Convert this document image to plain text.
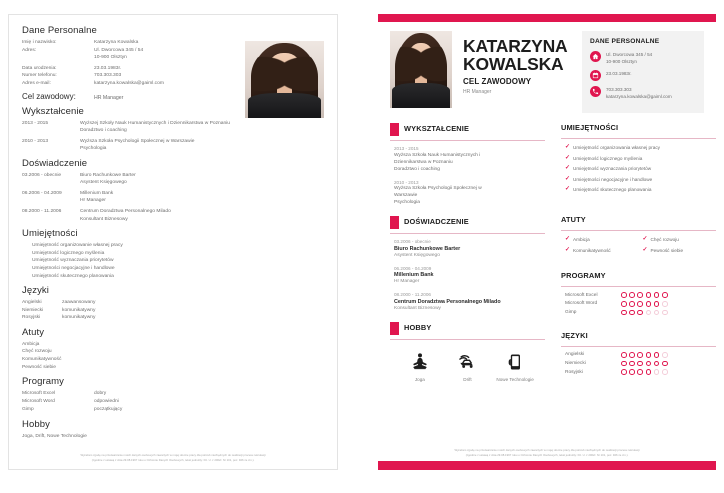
Dane Personalne
Imię i nazwisko:	Katarzyna Kowalska
Adres:	Ul. Dworcowa 345 / 54
10-900 Olsztyn
Data urodzenia:	23.03.1983r.
Numer telefonu:	703.303.303
Adres e-mail:	katarzyna.kowalska@gaiml.com
Cel zawodowy:	HR Manager
Wykształcenie
2013 - 2015	Wyższej Szkoły Nauk Humanistycznych i Dziennikarstwa w Poznaniu
Doradztwo i coaching
2010 - 2013	Wyższa Szkoła Psychologii Społecznej w Warszawie
Psychologia
Doświadczenie
03.2006 - obecnie	Biuro Rachunkowe Barter
Asystent Księgowego
06.2006 - 04.2009	Millenium Bank
Hr Manager
08.2000 - 11.2006	Centrum Doradztwa Personalnego Milado
Konsultant Biznesowy
Umiejętności
Umiejętność organizowanie własnej pracy
Umiejętność logicznego myślenia
Umiejętność wyznaczania priorytetów
Umiejętności negocjacyjne i handlowe
Umiejętność skutecznego planowania
Języki
Angielski	zaawansowany
Niemiecki	komunikatywny
Rosyjski	komunikatywny
Atuty
Ambicja
Chęć rozwoju
Komunikatywność
Pewność siebie
Programy
Microsoft Excel	dobry
Microsoft Word	odpowiedni
Gimp	początkujący
Hobby
Joga, Drift, Nowe Technologie
Wyrażam zgodę na przetwarzanie moich danych osobowych zawartych w mojej ofercie pracy dla potrzeb niezbędnych do realizacji procesu rekrutacji
(zgodnie z ustawą z dnia 29.08.1997 roku o Ochronie Danych Osobowych, tekst jednolity: Dz. U. z 2002r. Nr 101, poz. 926 ze zm.).
KATARZYNA
KOWALSKA
CEL ZAWODOWY
HR Manager
DANE PERSONALNE
Ul. Dworcowa 345 / 54
10-900 Olsztyn
23.03.1983r.
703.303.303
katarzyna.kowalska@gaiml.com
WYKSZTAŁCENIE
2013 - 2015
Wyższa Szkoła Nauk Humanistycznych i
Dziennikarstwa w Poznaniu
Doradztwo i coaching
2010 - 2013
Wyższa Szkoła Psychologii Społecznej w
Warszawie
Psychologia
DOŚWIADCZENIE
03.2006 - obecnie
Biuro Rachunkowe Barter
Asystent Księgowego
06.2006 - 04.2009
Millenium Bank
Hr Manager
08.2000 - 11.2006
Centrum Doradztwa Personalnego Milado
Konsultant Biznesowy
HOBBY
Joga	Drift	Nowe Technologie
UMIEJĘTNOŚCI
✓ Umiejętność organizowania własnej pracy
✓ Umiejętność logicznego myślenia
✓ Umiejętność wyznaczania priorytetów
✓ Umiejętności negocjacyjne i handlowe
✓ Umiejętność skutecznego planowania
ATUTY
✓ Ambicja	✓ Chęć rozwoju
✓ Komunikatywność	✓ Pewność siebie
PROGRAMY
Microsoft Excel
Microsoft Word
Gimp
JĘZYKI
Angielski
Niemiecki
Rosyjski
Wyrażam zgodę na przetwarzanie moich danych osobowych zawartych w mojej ofercie pracy dla potrzeb niezbędnych do realizacji procesu rekrutacji
(zgodnie z ustawą z dnia 29.08.1997 roku o Ochronie Danych Osobowych, tekst jednolity: Dz. U. z 2002r. Nr 101, poz. 926 ze zm.).
